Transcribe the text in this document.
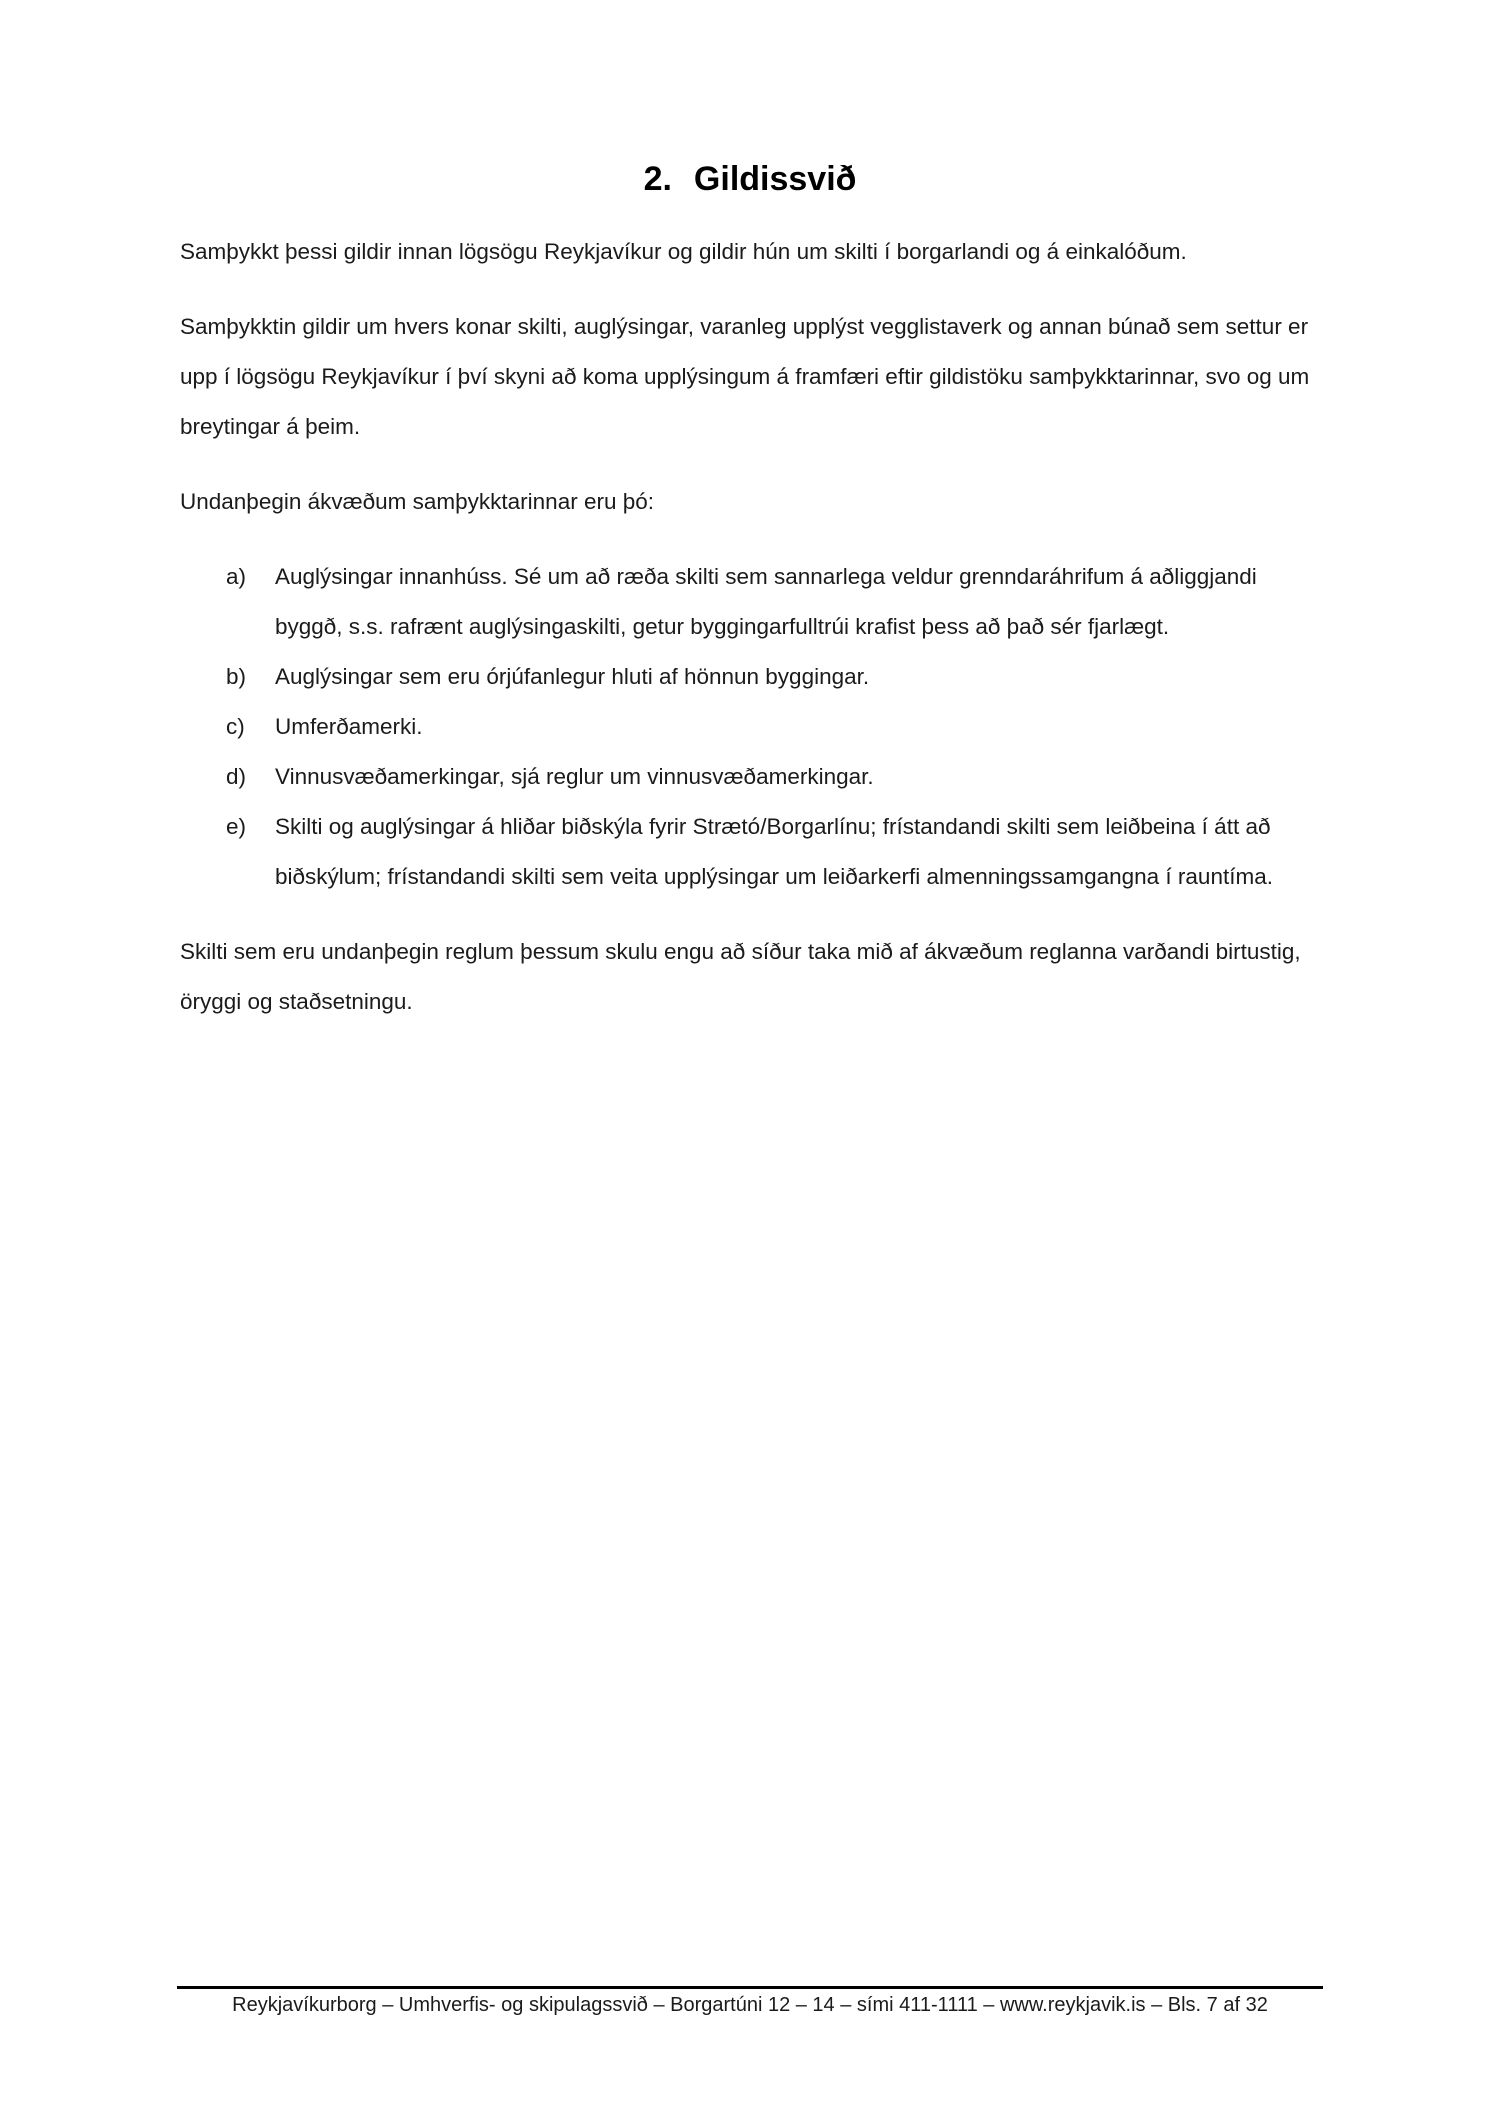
2. Gildissvið

Samþykkt þessi gildir innan lögsögu Reykjavíkur og gildir hún um skilti í borgarlandi og á einkalóðum.

Samþykktin gildir um hvers konar skilti, auglýsingar, varanleg upplýst vegglistaverk og annan búnað sem settur er upp í lögsögu Reykjavíkur í því skyni að koma upplýsingum á framfæri eftir gildistöku samþykktarinnar, svo og um breytingar á þeim.

Undanþegin ákvæðum samþykktarinnar eru þó:

a)	Auglýsingar innanhúss. Sé um að ræða skilti sem sannarlega veldur grenndaráhrifum á aðliggjandi byggð, s.s. rafrænt auglýsingaskilti, getur byggingarfulltrúi krafist þess að það sér fjarlægt.
b)	Auglýsingar sem eru órjúfanlegur hluti af hönnun byggingar.
c)	Umferðamerki.
d)	Vinnusvæðamerkingar, sjá reglur um vinnusvæðamerkingar.
e)	Skilti og auglýsingar á hliðar biðskýla fyrir Strætó/Borgarlínu; frístandandi skilti sem leiðbeina í átt að biðskýlum; frístandandi skilti sem veita upplýsingar um leiðarkerfi almenningssamgangna í rauntíma.

Skilti sem eru undanþegin reglum þessum skulu engu að síður taka mið af ákvæðum reglanna varðandi birtustig, öryggi og staðsetningu.

Reykjavíkurborg – Umhverfis- og skipulagssvið – Borgartúni 12 – 14 – sími 411-1111 – www.reykjavik.is – Bls. 7 af 32
